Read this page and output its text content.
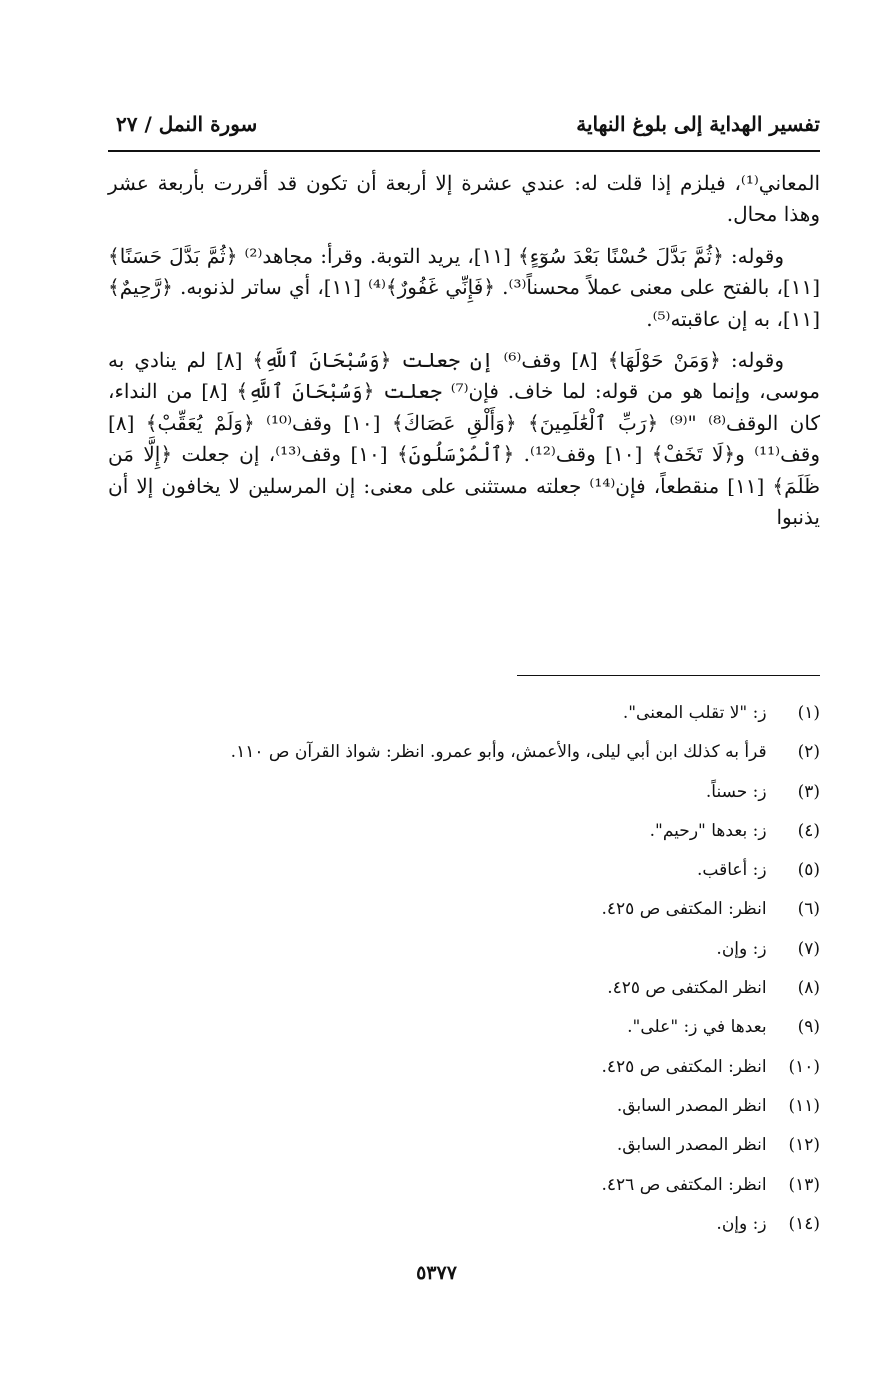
تفسير الهداية إلى بلوغ النهاية
سورة النمل / ٢٧

المعاني⁽¹⁾، فيلزم إذا قلت له: عندي عشرة إلا أربعة أن تكون قد أقررت بأربعة عشر وهذا محال.

وقوله: ﴿ثُمَّ بَدَّلَ حُسْنًا بَعْدَ سُوٓءٍ﴾ [١١]، يريد التوبة. وقرأ: مجاهد⁽²⁾ ﴿ثُمَّ بَدَّلَ حَسَنًا﴾ [١١]، بالفتح على معنى عملاً محسناً⁽³⁾. ﴿فَإِنِّي غَفُورٌ﴾⁽⁴⁾ [١١]، أي ساتر لذنوبه. ﴿رَّحِيمٌ﴾ [١١]، به إن عاقبته⁽⁵⁾.

وقوله: ﴿وَمَنْ حَوْلَهَا﴾ [٨] وقف⁽⁶⁾ إن جعلت ﴿وَسُبْحَانَ ٱللَّهِ﴾ [٨] لم ينادي به موسى، وإنما هو من قوله: لما خاف. فإن⁽⁷⁾ جعلت ﴿وَسُبْحَانَ ٱللَّهِ﴾ [٨] من النداء، كان الوقف⁽⁸⁾ "⁽⁹⁾ ﴿رَبِّ ٱلْعَٰلَمِينَ﴾ ﴿وَأَلْقِ عَصَاكَ﴾ [١٠] وقف⁽¹⁰⁾ ﴿وَلَمْ يُعَقِّبْ﴾ [٨] وقف⁽¹¹⁾ و﴿لَا تَخَفْ﴾ [١٠] وقف⁽¹²⁾. ﴿ٱلْمُرْسَلُونَ﴾ [١٠] وقف⁽¹³⁾، إن جعلت ﴿إِلَّا مَن ظَلَمَ﴾ [١١] منقطعاً، فإن⁽¹⁴⁾ جعلته مستثنى على معنى: إن المرسلين لا يخافون إلا أن يذنبوا

(١) ز: "لا تقلب المعنى".
(٢) قرأ به كذلك ابن أبي ليلى، والأعمش، وأبو عمرو. انظر: شواذ القرآن ص ١١٠.
(٣) ز: حسناً.
(٤) ز: بعدها "رحيم".
(٥) ز: أعاقب.
(٦) انظر: المكتفى ص ٤٢٥.
(٧) ز: وإن.
(٨) انظر المكتفى ص ٤٢٥.
(٩) بعدها في ز: "على".
(١٠) انظر: المكتفى ص ٤٢٥.
(١١) انظر المصدر السابق.
(١٢) انظر المصدر السابق.
(١٣) انظر: المكتفى ص ٤٢٦.
(١٤) ز: وإن.
٥٣٧٧
